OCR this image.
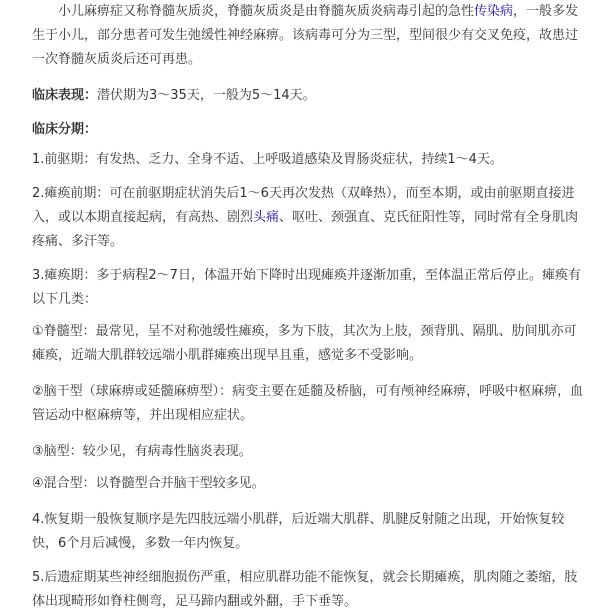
小儿麻痹症又称脊髓灰质炎，脊髓灰质炎是由脊髓灰质炎病毒引起的急性传染病，一般多发生于小儿，部分患者可发生弛缓性神经麻痹。该病毒可分为三型，型间很少有交叉免疫，故患过一次脊髓灰质炎后还可再患。

临床表现：潜伏期为3～35天，一般为5～14天。

临床分期：

1.前驱期：有发热、乏力、全身不适、上呼吸道感染及胃肠炎症状，持续1～4天。

2.瘫痪前期：可在前驱期症状消失后1～6天再次发热（双峰热），而至本期，或由前驱期直接进入，或以本期直接起病，有高热、剧烈头痛、呕吐、颈强直、克氏征阳性等，同时常有全身肌肉疼痛、多汗等。

3.瘫痪期：多于病程2～7日，体温开始下降时出现瘫痪并逐渐加重，至体温正常后停止。瘫痪有以下几类：

①脊髓型：最常见，呈不对称弛缓性瘫痪，多为下肢，其次为上肢，颈背肌、隔肌、肋间肌亦可瘫痪，近端大肌群较远端小肌群瘫痪出现早且重，感觉多不受影响。

②脑干型（球麻痹或延髓麻痹型）：病变主要在延髓及桥脑，可有颅神经麻痹，呼吸中枢麻痹，血管运动中枢麻痹等，并出现相应症状。

③脑型：较少见，有病毒性脑炎表现。

④混合型：以脊髓型合并脑干型较多见。

4.恢复期一般恢复顺序是先四肢远端小肌群，后近端大肌群、肌腱反射随之出现，开始恢复较快，6个月后减慢，多数一年内恢复。

5.后遗症期某些神经细胞损伤严重，相应肌群功能不能恢复，就会长期瘫痪，肌肉随之萎缩，肢体出现畸形如脊柱侧弯，足马蹄内翻或外翻，手下垂等。
